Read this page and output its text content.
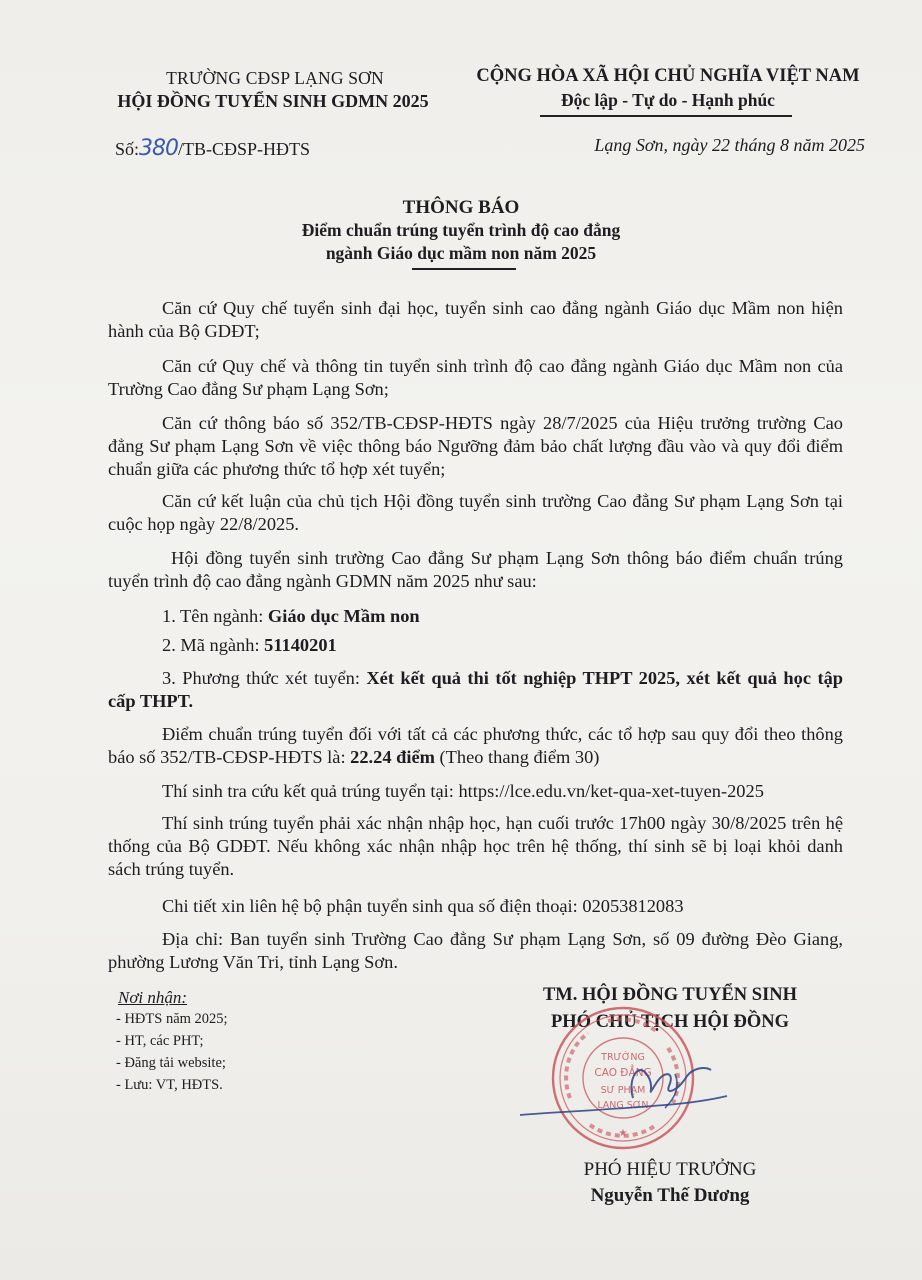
TRƯỜNG CĐSP LẠNG SƠN
HỘI ĐỒNG TUYỂN SINH GDMN 2025
CỘNG HÒA XÃ HỘI CHỦ NGHĨA VIỆT NAM
Độc lập - Tự do - Hạnh phúc
Số:380/TB-CĐSP-HĐTS	Lạng Sơn, ngày 22 tháng 8 năm 2025
THÔNG BÁO
Điểm chuẩn trúng tuyển trình độ cao đẳng
ngành Giáo dục mầm non năm 2025

Căn cứ Quy chế tuyển sinh đại học, tuyển sinh cao đẳng ngành Giáo dục Mầm non hiện hành của Bộ GDĐT;

Căn cứ Quy chế và thông tin tuyển sinh trình độ cao đẳng ngành Giáo dục Mầm non của Trường Cao đẳng Sư phạm Lạng Sơn;

Căn cứ thông báo số 352/TB-CĐSP-HĐTS ngày 28/7/2025 của Hiệu trưởng trường Cao đẳng Sư phạm Lạng Sơn về việc thông báo Ngưỡng đảm bảo chất lượng đầu vào và quy đổi điểm chuẩn giữa các phương thức tổ hợp xét tuyển;

Căn cứ kết luận của chủ tịch Hội đồng tuyển sinh trường Cao đẳng Sư phạm Lạng Sơn tại cuộc họp ngày 22/8/2025.

Hội đồng tuyển sinh trường Cao đẳng Sư phạm Lạng Sơn thông báo điểm chuẩn trúng tuyển trình độ cao đẳng ngành GDMN năm 2025 như sau:

1. Tên ngành: Giáo dục Mầm non
2. Mã ngành: 51140201

3. Phương thức xét tuyển: Xét kết quả thi tốt nghiệp THPT 2025, xét kết quả học tập cấp THPT.

Điểm chuẩn trúng tuyển đối với tất cả các phương thức, các tổ hợp sau quy đổi theo thông báo số 352/TB-CĐSP-HĐTS là: 22.24 điểm (Theo thang điểm 30)

Thí sinh tra cứu kết quả trúng tuyển tại: https://lce.edu.vn/ket-qua-xet-tuyen-2025

Thí sinh trúng tuyển phải xác nhận nhập học, hạn cuối trước 17h00 ngày 30/8/2025 trên hệ thống của Bộ GDĐT. Nếu không xác nhận nhập học trên hệ thống, thí sinh sẽ bị loại khỏi danh sách trúng tuyển.

Chi tiết xin liên hệ bộ phận tuyển sinh qua số điện thoại: 02053812083

Địa chỉ: Ban tuyển sinh Trường Cao đẳng Sư phạm Lạng Sơn, số 09 đường Đèo Giang, phường Lương Văn Tri, tỉnh Lạng Sơn.

Nơi nhận:
- HĐTS năm 2025;
- HT, các PHT;
- Đăng tải website;
- Lưu: VT, HĐTS.
TM. HỘI ĐỒNG TUYỂN SINH
PHÓ CHỦ TỊCH HỘI ĐỒNG
★
TRƯỜNG
CAO ĐẲNG
SƯ PHẠM
LẠNG SƠN
PHÓ HIỆU TRƯỞNG
Nguyễn Thế Dương
